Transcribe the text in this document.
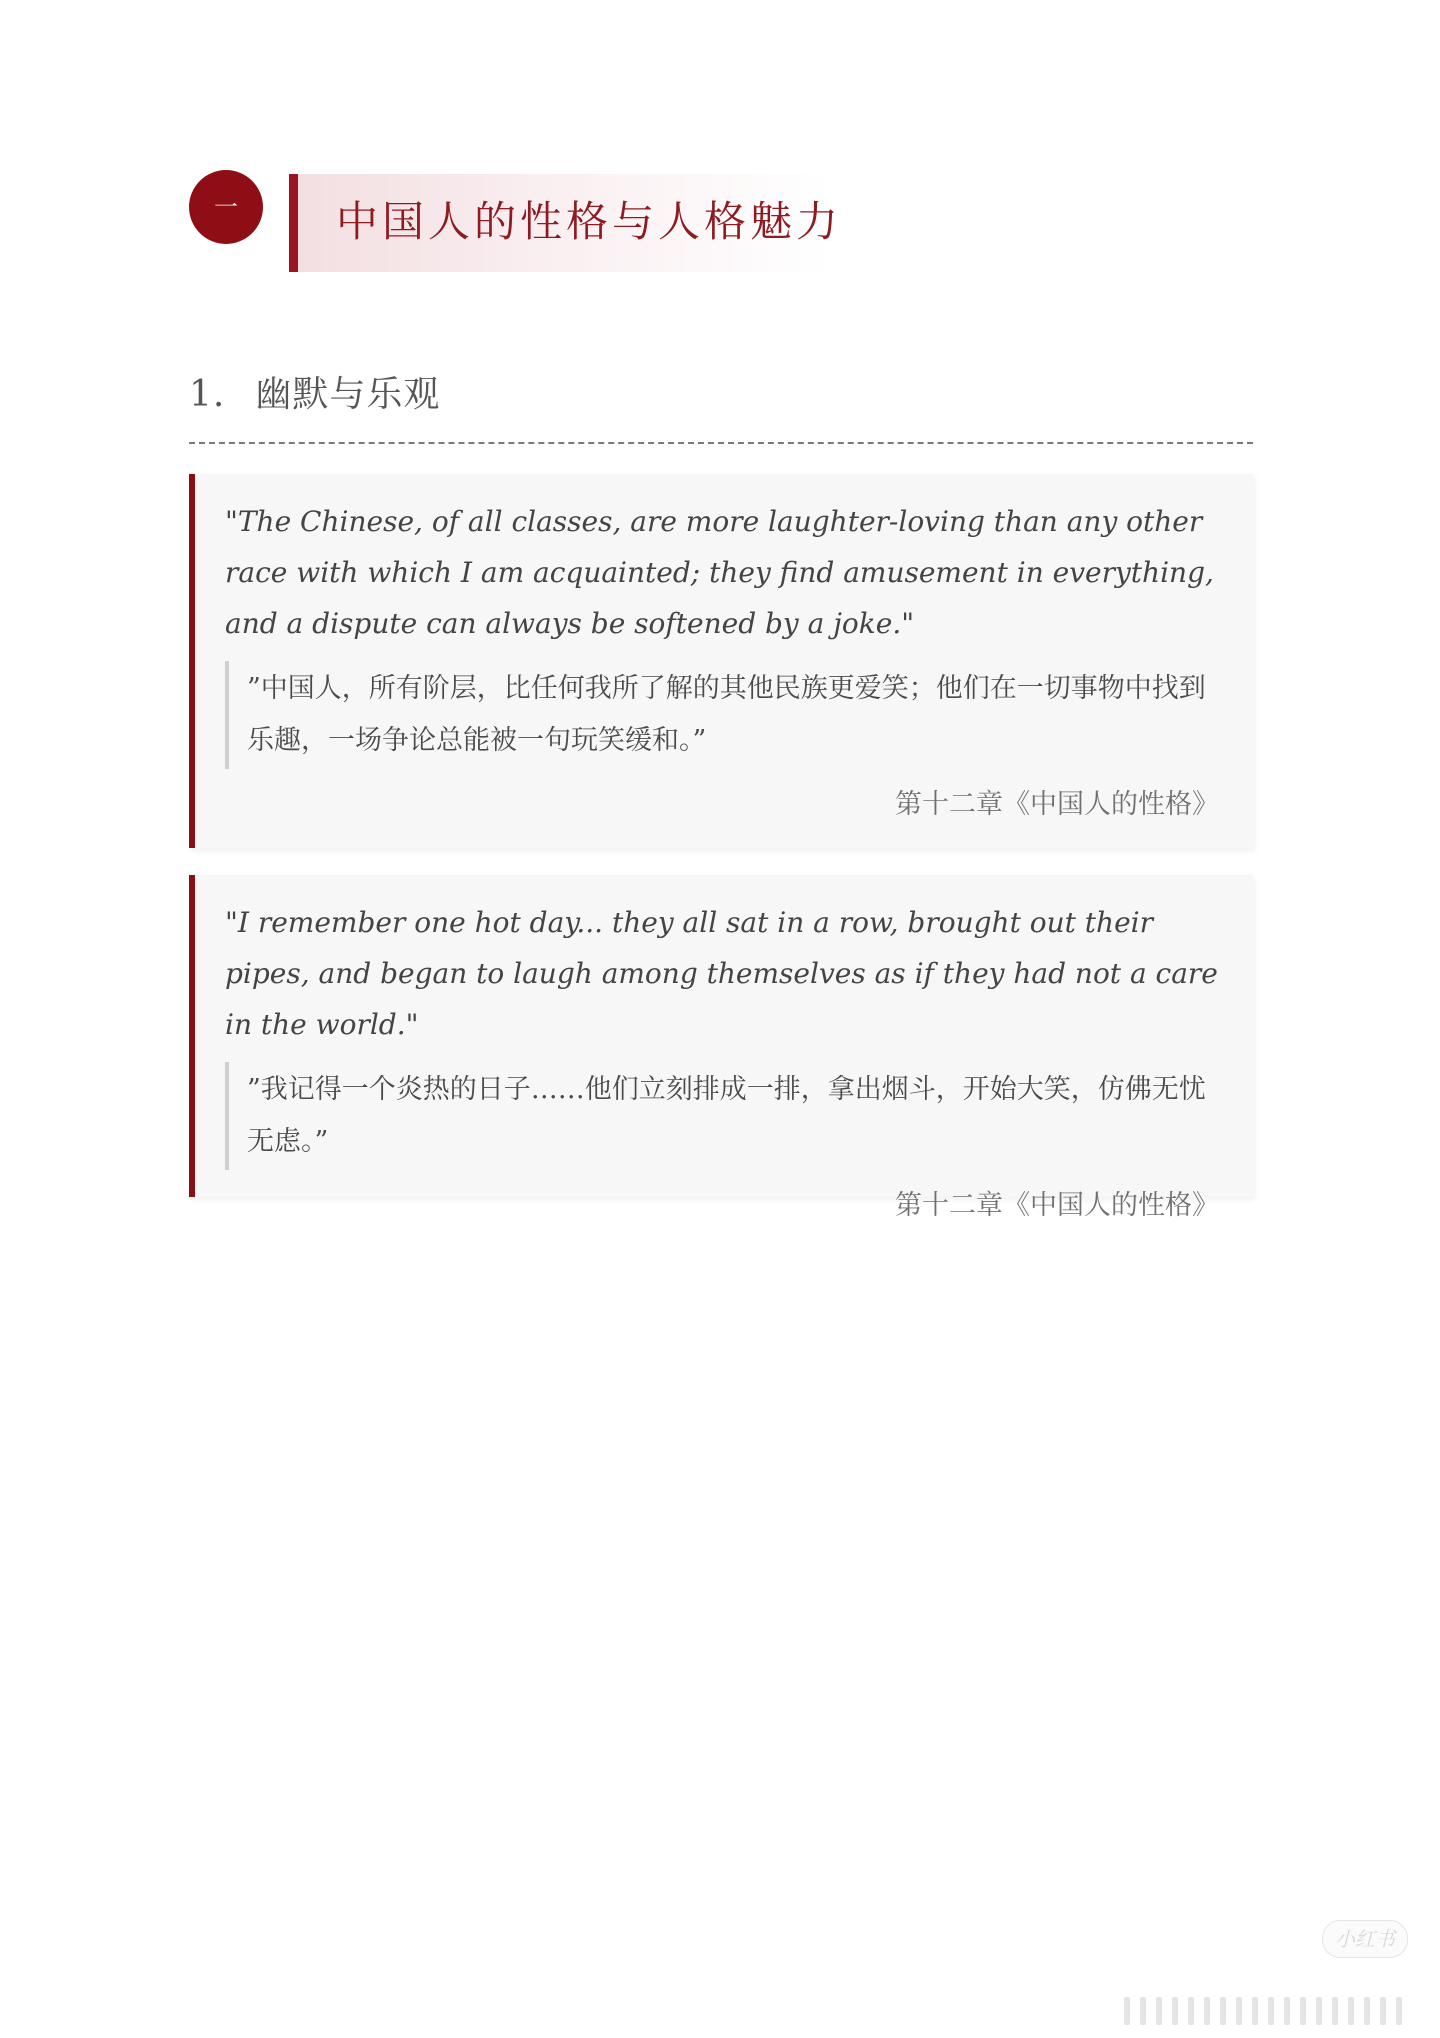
一	中国人的性格与人格魅力
1. 幽默与乐观

"The Chinese, of all classes, are more laughter-loving than any other race with which I am acquainted; they find amusement in everything, and a dispute can always be softened by a joke."

”中国人，所有阶层，比任何我所了解的其他民族更爱笑；他们在一切事物中找到乐趣，一场争论总能被一句玩笑缓和。”

第十二章《中国人的性格》

"I remember one hot day... they all sat in a row, brought out their pipes, and began to laugh among themselves as if they had not a care in the world."

”我记得一个炎热的日子……他们立刻排成一排，拿出烟斗，开始大笑，仿佛无忧无虑。”

第十二章《中国人的性格》

小红书
